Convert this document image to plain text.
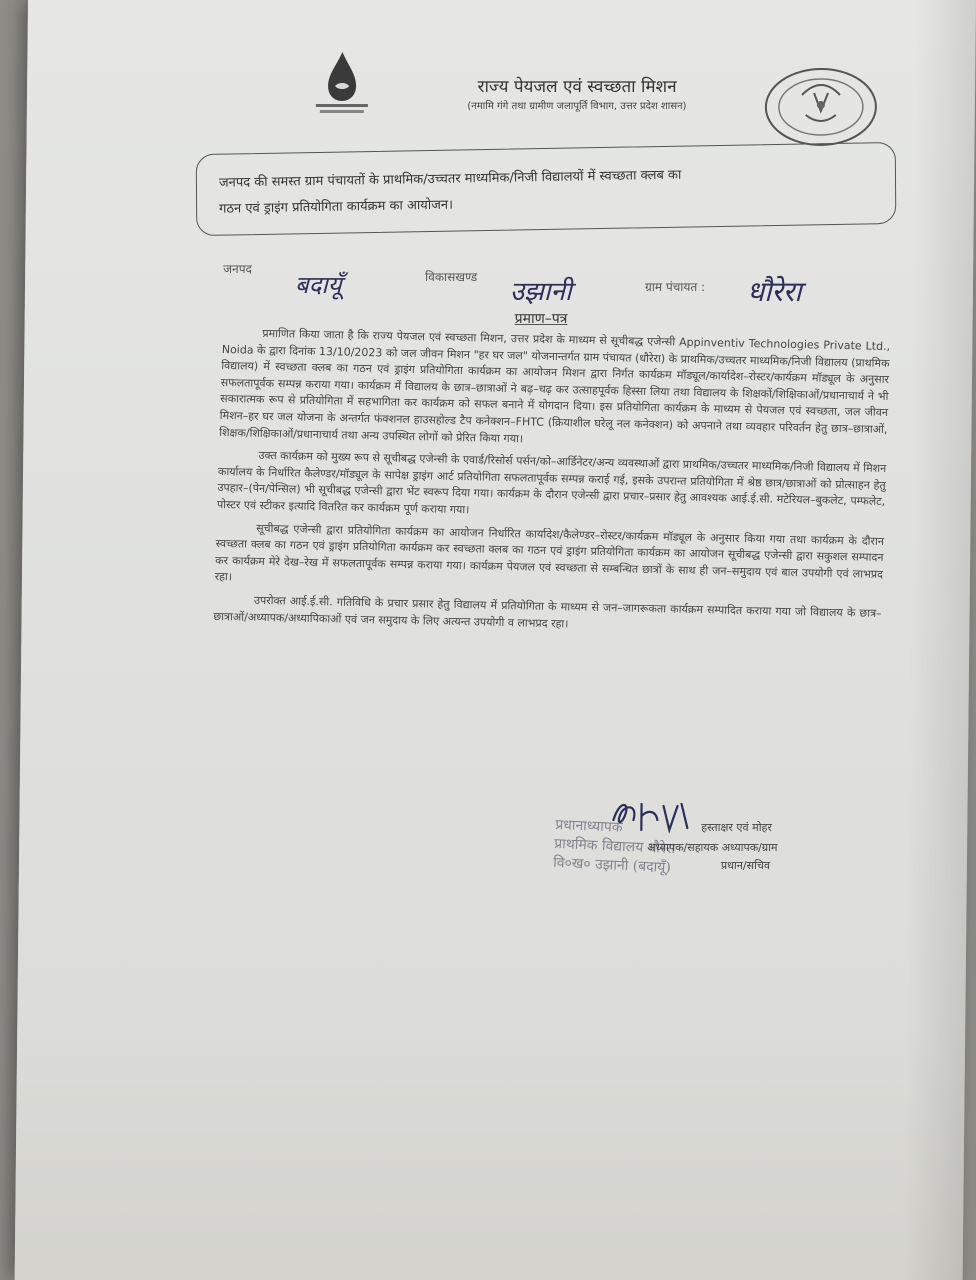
राज्य पेयजल एवं स्वच्छता मिशन
(नमामि गंगे तथा ग्रामीण जलापूर्ति विभाग, उत्तर प्रदेश शासन)
जनपद की समस्त ग्राम पंचायतों के प्राथमिक/उच्चतर माध्यमिक/निजी विद्यालयों में स्वच्छता क्लब का
गठन एवं ड्राइंग प्रतियोगिता कार्यक्रम का आयोजन।
जनपद
बदायूँ	विकासखण्ड उझानी	ग्राम पंचायत : धौरेरा
प्रमाण–पत्र

प्रमाणित किया जाता है कि राज्य पेयजल एवं स्वच्छता मिशन, उत्तर प्रदेश के माध्यम से सूचीबद्ध एजेन्सी Appinventiv Technologies Private Ltd., Noida के द्वारा दिनांक 13/10/2023 को जल जीवन मिशन "हर घर जल" योजनान्तर्गत ग्राम पंचायत (धौरेरा) के प्राथमिक/उच्चतर माध्यमिक/निजी विद्यालय (प्राथमिक विद्यालय) में स्वच्छता क्लब का गठन एवं ड्राइंग प्रतियोगिता कार्यक्रम का आयोजन मिशन द्वारा निर्गत कार्यक्रम मॉड्यूल/कार्यादेश–रोस्टर/कार्यक्रम मॉड्यूल के अनुसार सफलतापूर्वक सम्पन्न कराया गया। कार्यक्रम में विद्यालय के छात्र–छात्राओं ने बढ़–चढ़ कर उत्साहपूर्वक हिस्सा लिया तथा विद्यालय के शिक्षकों/शिक्षिकाओं/प्रधानाचार्य ने भी सकारात्मक रूप से प्रतियोगिता में सहभागिता कर कार्यक्रम को सफल बनाने में योगदान दिया। इस प्रतियोगिता कार्यक्रम के माध्यम से पेयजल एवं स्वच्छता, जल जीवन मिशन–हर घर जल योजना के अन्तर्गत फंक्शनल हाउसहोल्ड टैप कनेक्शन–FHTC (क्रियाशील घरेलू नल कनेक्शन) को अपनाने तथा व्यवहार परिवर्तन हेतु छात्र–छात्राओं, शिक्षक/शिक्षिकाओं/प्रधानाचार्य तथा अन्य उपस्थित लोगों को प्रेरित किया गया।

उक्त कार्यक्रम को मुख्य रूप से सूचीबद्ध एजेन्सी के एवार्ड/रिसोर्स पर्सन/को–आर्डिनेटर/अन्य व्यवस्थाओं द्वारा प्राथमिक/उच्चतर माध्यमिक/निजी विद्यालय में मिशन कार्यालय के निर्धारित कैलेण्डर/मॉड्यूल के सापेक्ष ड्राइंग आर्ट प्रतियोगिता सफलतापूर्वक सम्पन्न कराई गई, इसके उपरान्त प्रतियोगिता में श्रेष्ठ छात्र/छात्राओं को प्रोत्साहन हेतु उपहार–(पेन/पेन्सिल) भी सूचीबद्ध एजेन्सी द्वारा भेंट स्वरूप दिया गया। कार्यक्रम के दौरान एजेन्सी द्वारा प्रचार–प्रसार हेतु आवश्यक आई.ई.सी. मटेरियल–बुकलेट, पम्फलेट, पोस्टर एवं स्टीकर इत्यादि वितरित कर कार्यक्रम पूर्ण कराया गया।

सूचीबद्ध एजेन्सी द्वारा प्रतियोगिता कार्यक्रम का आयोजन निर्धारित कार्यादेश/कैलेण्डर–रोस्टर/कार्यक्रम मॉड्यूल के अनुसार किया गया तथा कार्यक्रम के दौरान स्वच्छता क्लब का गठन एवं ड्राइंग प्रतियोगिता कार्यक्रम कर स्वच्छता क्लब का गठन एवं ड्राइंग प्रतियोगिता कार्यक्रम का आयोजन सूचीबद्ध एजेन्सी द्वारा सकुशल सम्पादन कर कार्यक्रम मेरे देख–रेख में सफलतापूर्वक सम्पन्न कराया गया। कार्यक्रम पेयजल एवं स्वच्छता से सम्बन्धित छात्रों के साथ ही जन–समुदाय एवं बाल उपयोगी एवं लाभप्रद रहा।

उपरोक्त आई.ई.सी. गतिविधि के प्रचार प्रसार हेतु विद्यालय में प्रतियोगिता के माध्यम से जन–जागरूकता कार्यक्रम सम्पादित कराया गया जो विद्यालय के छात्र–छात्राओं/अध्यापक/अध्यापिकाओं एवं जन समुदाय के लिए अत्यन्त उपयोगी व लाभप्रद रहा।

हस्ताक्षर एवं मोहर
अध्यापक/सहायक अध्यापक/ग्राम
प्रधान/सचिव
प्रधानाध्यापक
प्राथमिक विद्यालय धौरेरा
वि०ख० उझानी (बदायूँ)
